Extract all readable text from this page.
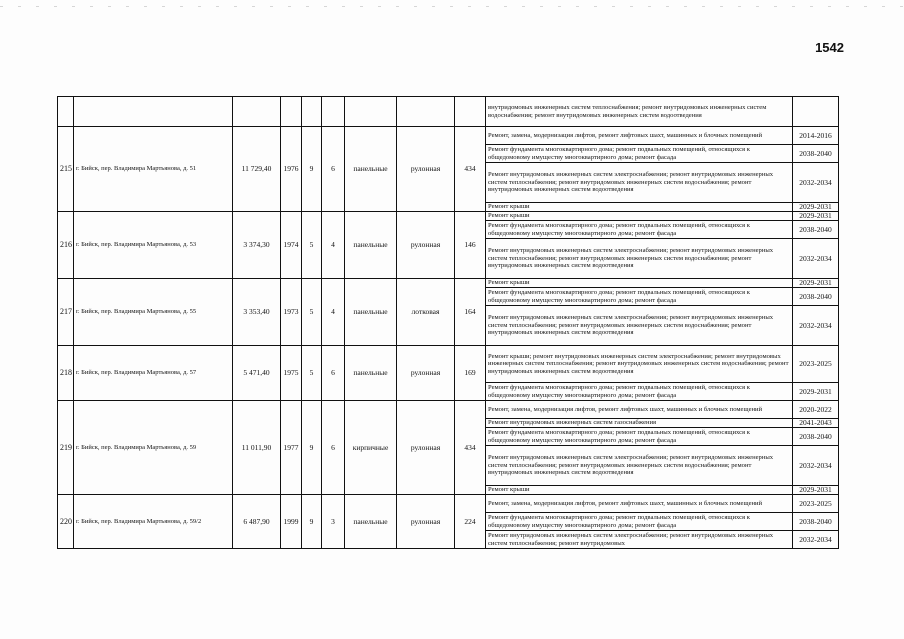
1542
									внутридомовых инженерных систем теплоснабжения; ремонт внутридомовых инженерных систем водоснабжения; ремонт внутридомовых инженерных систем водоотведения	
215	г. Бийск, пер. Владимира Мартьянова, д. 51	11 729,40	1976	9	6	панельные	рулонная	434	Ремонт, замена, модернизация лифтов, ремонт лифтовых шахт, машинных и блочных помещений	2014-2016
									Ремонт фундамента многоквартирного дома; ремонт подвальных помещений, относящихся к общедомовому имуществу многоквартирного дома; ремонт фасада	2038-2040
									Ремонт внутридомовых инженерных систем электроснабжения; ремонт внутридомовых инженерных систем теплоснабжения; ремонт внутридомовых инженерных систем водоснабжения; ремонт внутридомовых инженерных систем водоотведения	2032-2034
									Ремонт крыши	2029-2031
216	г. Бийск, пер. Владимира Мартьянова, д. 53	3 374,30	1974	5	4	панельные	рулонная	146	Ремонт крыши	2029-2031
									Ремонт фундамента многоквартирного дома; ремонт подвальных помещений, относящихся к общедомовому имуществу многоквартирного дома; ремонт фасада	2038-2040
									Ремонт внутридомовых инженерных систем электроснабжения; ремонт внутридомовых инженерных систем теплоснабжения; ремонт внутридомовых инженерных систем водоснабжения; ремонт внутридомовых инженерных систем водоотведения	2032-2034
217	г. Бийск, пер. Владимира Мартьянова, д. 55	3 353,40	1973	5	4	панельные	лотковая	164	Ремонт крыши	2029-2031
									Ремонт фундамента многоквартирного дома; ремонт подвальных помещений, относящихся к общедомовому имуществу многоквартирного дома; ремонт фасада	2038-2040
									Ремонт внутридомовых инженерных систем электроснабжения; ремонт внутридомовых инженерных систем теплоснабжения; ремонт внутридомовых инженерных систем водоснабжения; ремонт внутридомовых инженерных систем водоотведения	2032-2034
218	г. Бийск, пер. Владимира Мартьянова, д. 57	5 471,40	1975	5	6	панельные	рулонная	169	Ремонт крыши; ремонт внутридомовых инженерных систем электроснабжения; ремонт внутридомовых инженерных систем теплоснабжения; ремонт внутридомовых инженерных систем водоснабжения; ремонт внутридомовых инженерных систем водоотведения	2023-2025
									Ремонт фундамента многоквартирного дома; ремонт подвальных помещений, относящихся к общедомовому имуществу многоквартирного дома; ремонт фасада	2029-2031
219	г. Бийск, пер. Владимира Мартьянова, д. 59	11 011,90	1977	9	6	кирпичные	рулонная	434	Ремонт, замена, модернизация лифтов, ремонт лифтовых шахт, машинных и блочных помещений	2020-2022
									Ремонт внутридомовых инженерных систем газоснабжения	2041-2043
									Ремонт фундамента многоквартирного дома; ремонт подвальных помещений, относящихся к общедомовому имуществу многоквартирного дома; ремонт фасада	2038-2040
									Ремонт внутридомовых инженерных систем электроснабжения; ремонт внутридомовых инженерных систем теплоснабжения; ремонт внутридомовых инженерных систем водоснабжения; ремонт внутридомовых инженерных систем водоотведения	2032-2034
									Ремонт крыши	2029-2031
220	г. Бийск, пер. Владимира Мартьянова, д. 59/2	6 487,90	1999	9	3	панельные	рулонная	224	Ремонт, замена, модернизация лифтов, ремонт лифтовых шахт, машинных и блочных помещений	2023-2025
									Ремонт фундамента многоквартирного дома; ремонт подвальных помещений, относящихся к общедомовому имуществу многоквартирного дома; ремонт фасада	2038-2040
									Ремонт внутридомовых инженерных систем электроснабжения; ремонт внутридомовых инженерных систем теплоснабжения; ремонт внутридомовых	2032-2034
